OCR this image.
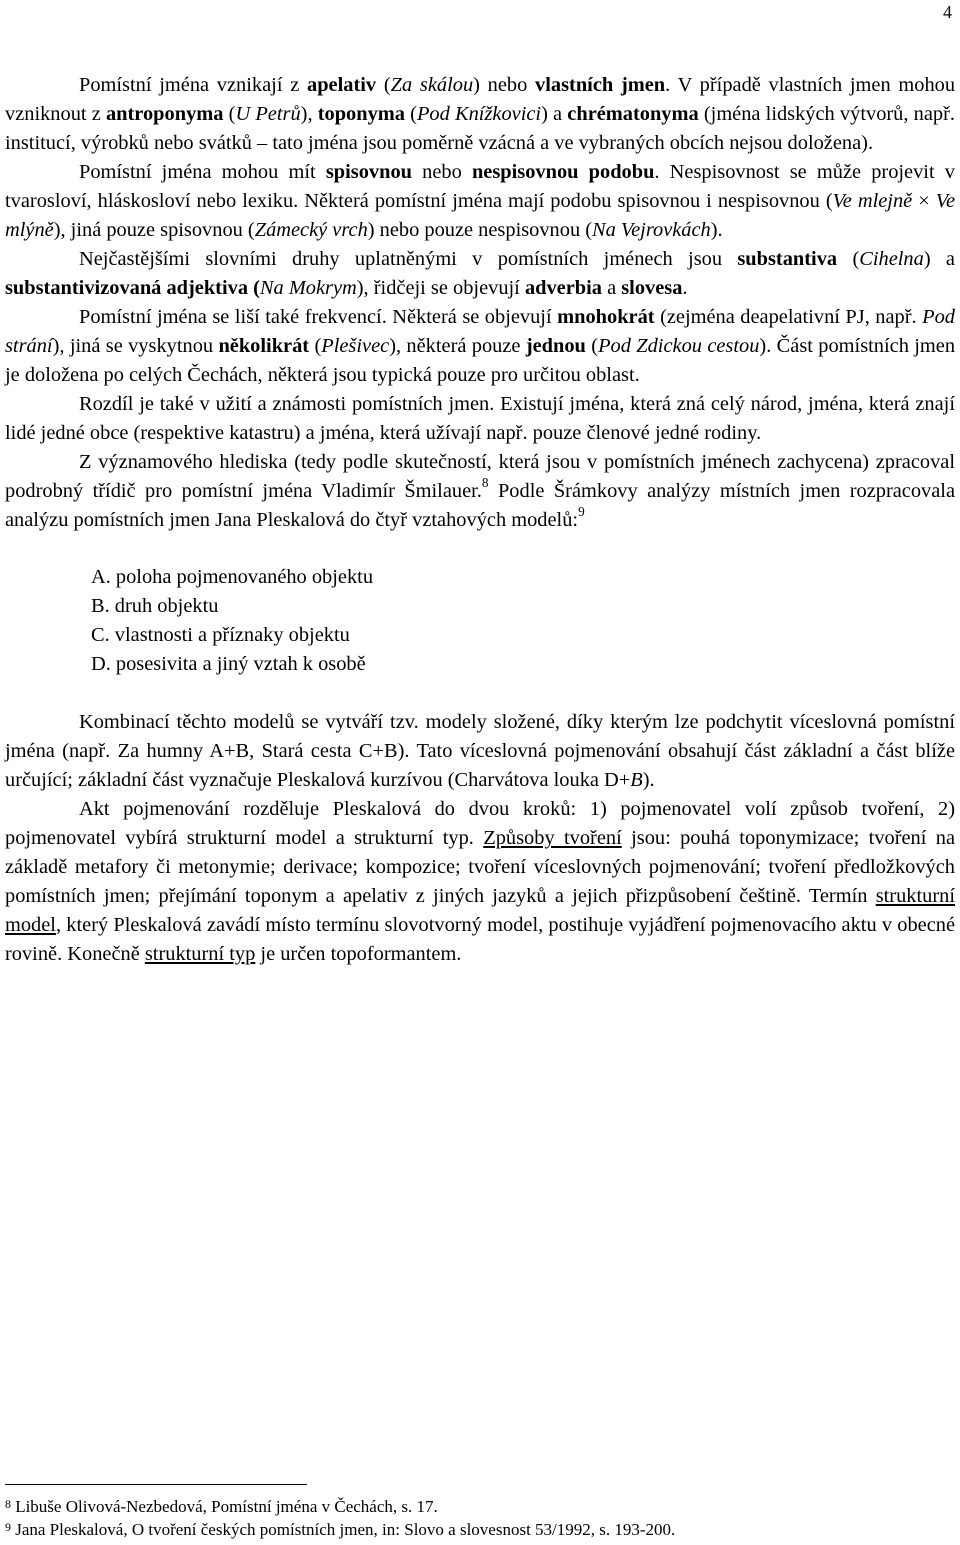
4

Pomístní jména vznikají z apelativ (Za skálou) nebo vlastních jmen. V případě vlastních jmen mohou vzniknout z antroponyma (U Petrů), toponyma (Pod Knížkovici) a chrématonyma (jména lidských výtvorů, např. institucí, výrobků nebo svátků – tato jména jsou poměrně vzácná a ve vybraných obcích nejsou doložena).

Pomístní jména mohou mít spisovnou nebo nespisovnou podobu. Nespisovnost se může projevit v tvarosloví, hláskosloví nebo lexiku. Některá pomístní jména mají podobu spisovnou i nespisovnou (Ve mlejně × Ve mlýně), jiná pouze spisovnou (Zámecký vrch) nebo pouze nespisovnou (Na Vejrovkách).

Nejčastějšími slovními druhy uplatněnými v pomístních jménech jsou substantiva (Cihelna) a substantivizovaná adjektiva (Na Mokrym), řidčeji se objevují adverbia a slovesa.

Pomístní jména se liší také frekvencí. Některá se objevují mnohokrát (zejména deapelativní PJ, např. Pod strání), jiná se vyskytnou několikrát (Plešivec), některá pouze jednou (Pod Zdickou cestou). Část pomístních jmen je doložena po celých Čechách, některá jsou typická pouze pro určitou oblast.

Rozdíl je také v užití a známosti pomístních jmen. Existují jména, která zná celý národ, jména, která znají lidé jedné obce (respektive katastru) a jména, která užívají např. pouze členové jedné rodiny.

Z významového hlediska (tedy podle skutečností, která jsou v pomístních jménech zachycena) zpracoval podrobný třídič pro pomístní jména Vladimír Šmilauer.$^8$ Podle Šrámkovy analýzy místních jmen rozpracovala analýzu pomístních jmen Jana Pleskalová do čtyř vztahových modelů:$^9$

A. poloha pojmenovaného objektu
B. druh objektu
C. vlastnosti a příznaky objektu
D. posesivita a jiný vztah k osobě

Kombinací těchto modelů se vytváří tzv. modely složené, díky kterým lze podchytit víceslovná pomístní jména (např. Za humny A+B, Stará cesta C+B). Tato víceslovná pojmenování obsahují část základní a část blíže určující; základní část vyznačuje Pleskalová kurzívou (Charvátova louka D+B).

Akt pojmenování rozděluje Pleskalová do dvou kroků: 1) pojmenovatel volí způsob tvoření, 2) pojmenovatel vybírá strukturní model a strukturní typ. Způsoby tvoření jsou: pouhá toponymizace; tvoření na základě metafory či metonymie; derivace; kompozice; tvoření víceslovných pojmenování; tvoření předložkových pomístních jmen; přejímání toponym a apelativ z jiných jazyků a jejich přizpůsobení češtině. Termín strukturní model, který Pleskalová zavádí místo termínu slovotvorný model, postihuje vyjádření pojmenovacího aktu v obecné rovině. Konečně strukturní typ je určen topoformantem.

$^8$ Libuše Olivová-Nezbedová, Pomístní jména v Čechách, s. 17.
$^9$ Jana Pleskalová, O tvoření českých pomístních jmen, in: Slovo a slovesnost 53/1992, s. 193-200.
